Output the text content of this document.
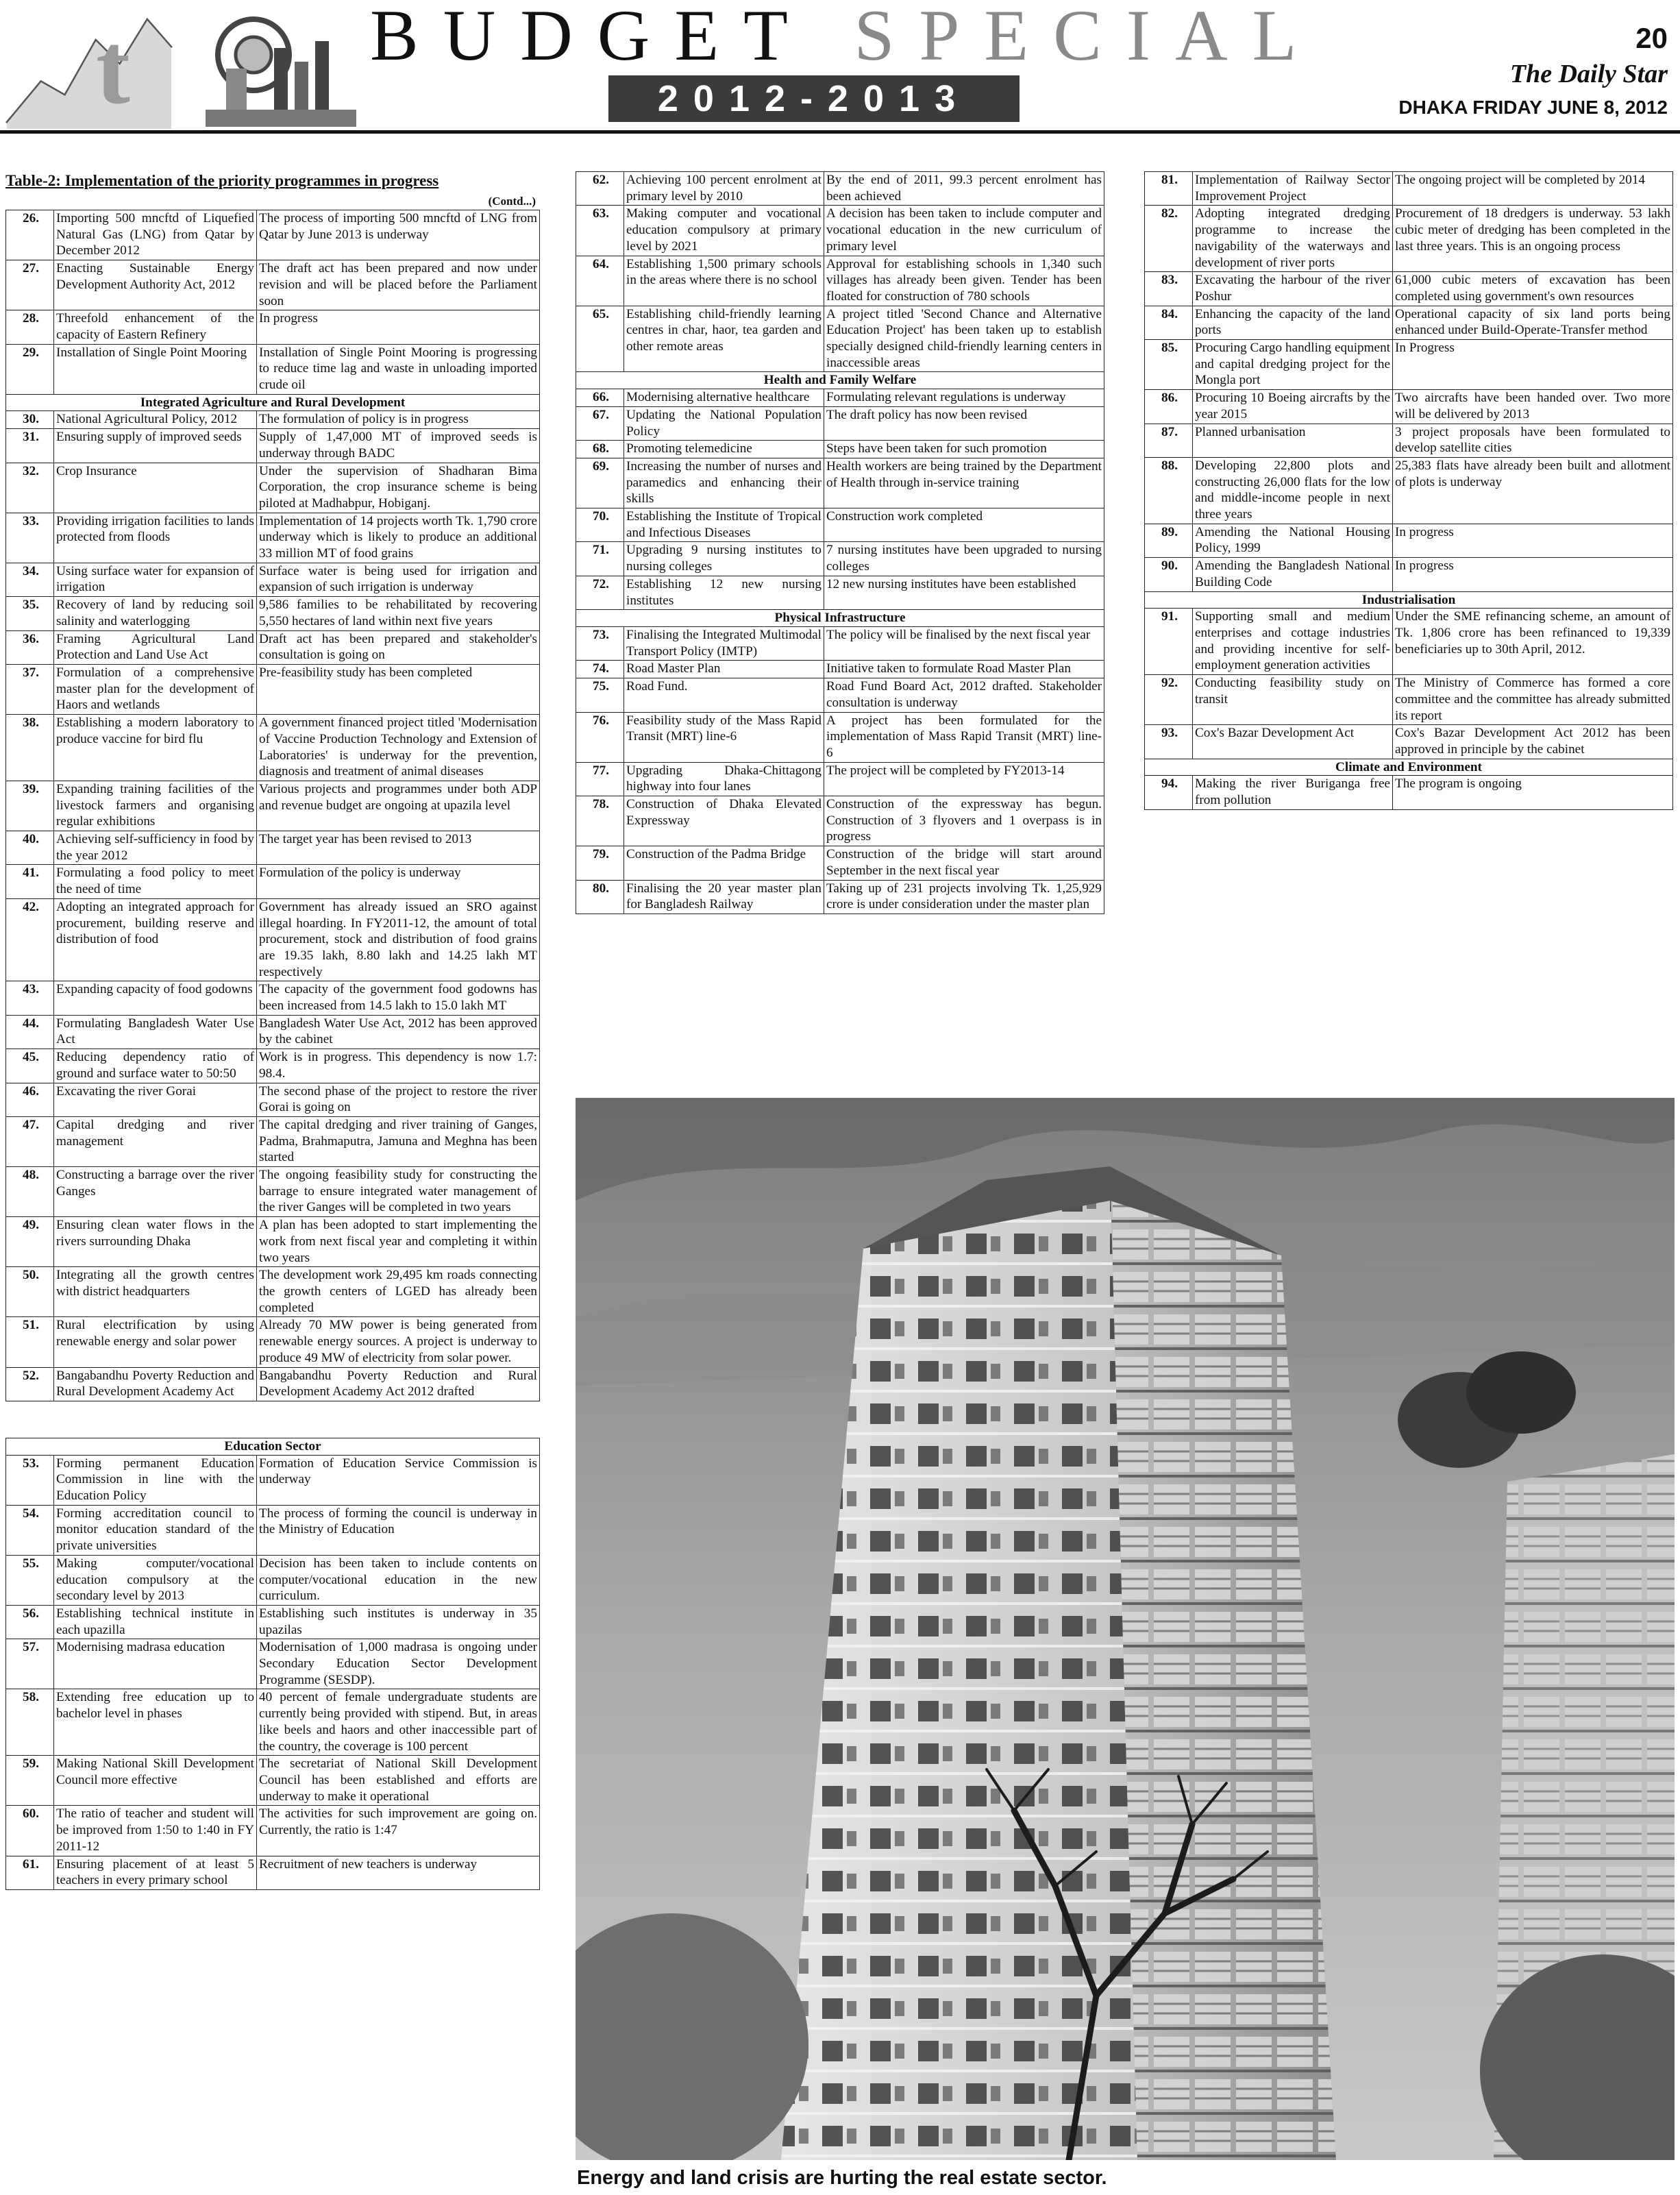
t	BUDGET SPECIAL
2012-2013
20
The Daily Star
DHAKA FRIDAY JUNE 8, 2012
Table-2: Implementation of the priority programmes in progress
(Contd...)
26.	Importing 500 mncftd of Liquefied Natural Gas (LNG) from Qatar by December 2012	The process of importing 500 mncftd of LNG from Qatar by June 2013 is underway
27.	Enacting Sustainable Energy Development Authority Act, 2012	The draft act has been prepared and now under revision and will be placed before the Parliament soon
28.	Threefold enhancement of the capacity of Eastern Refinery	In progress
29.	Installation of Single Point Mooring	Installation of Single Point Mooring is progressing to reduce time lag and waste in unloading imported crude oil
Integrated Agriculture and Rural Development		
30.	National Agricultural Policy, 2012	The formulation of policy is in progress
31.	Ensuring supply of improved seeds	Supply of 1,47,000 MT of improved seeds is underway through BADC
32.	Crop Insurance	Under the supervision of Shadharan Bima Corporation, the crop insurance scheme is being piloted at Madhabpur, Hobiganj.
33.	Providing irrigation facilities to lands protected from floods	Implementation of 14 projects worth Tk. 1,790 crore underway which is likely to produce an additional 33 million MT of food grains
34.	Using surface water for expansion of irrigation	Surface water is being used for irrigation and expansion of such irrigation is underway
35.	Recovery of land by reducing soil salinity and waterlogging	9,586 families to be rehabilitated by recovering 5,550 hectares of land within next five years
36.	Framing Agricultural Land Protection and Land Use Act	Draft act has been prepared and stakeholder's consultation is going on
37.	Formulation of a comprehensive master plan for the development of Haors and wetlands	Pre-feasibility study has been completed
38.	Establishing a modern laboratory to produce vaccine for bird flu	A government financed project titled 'Modernisation of Vaccine Production Technology and Extension of Laboratories' is underway for the prevention, diagnosis and treatment of animal diseases
39.	Expanding training facilities of the livestock farmers and organising regular exhibitions	Various projects and programmes under both ADP and revenue budget are ongoing at upazila level
40.	Achieving self-sufficiency in food by the year 2012	The target year has been revised to 2013
41.	Formulating a food policy to meet the need of time	Formulation of the policy is underway
42.	Adopting an integrated approach for procurement, building reserve and distribution of food	Government has already issued an SRO against illegal hoarding. In FY2011-12, the amount of total procurement, stock and distribution of food grains are 19.35 lakh, 8.80 lakh and 14.25 lakh MT respectively
43.	Expanding capacity of food godowns	The capacity of the government food godowns has been increased from 14.5 lakh to 15.0 lakh MT
44.	Formulating Bangladesh Water Use Act	Bangladesh Water Use Act, 2012 has been approved by the cabinet
45.	Reducing dependency ratio of ground and surface water to 50:50	Work is in progress. This dependency is now 1.7: 98.4.
46.	Excavating the river Gorai	The second phase of the project to restore the river Gorai is going on
47.	Capital dredging and river management	The capital dredging and river training of Ganges, Padma, Brahmaputra, Jamuna and Meghna has been started
48.	Constructing a barrage over the river Ganges	The ongoing feasibility study for constructing the barrage to ensure integrated water management of the river Ganges will be completed in two years
49.	Ensuring clean water flows in the rivers surrounding Dhaka	A plan has been adopted to start implementing the work from next fiscal year and completing it within two years
50.	Integrating all the growth centres with district headquarters	The development work 29,495 km roads connecting the growth centers of LGED has already been completed
51.	Rural electrification by using renewable energy and solar power	Already 70 MW power is being generated from renewable energy sources. A project is underway to produce 49 MW of electricity from solar power.
52.	Bangabandhu Poverty Reduction and Rural Development Academy Act	Bangabandhu Poverty Reduction and Rural Development Academy Act 2012 drafted

Education Sector		
53.	Forming permanent Education Commission in line with the Education Policy	Formation of Education Service Commission is underway
54.	Forming accreditation council to monitor education standard of the private universities	The process of forming the council is underway in the Ministry of Education
55.	Making computer/vocational education compulsory at the secondary level by 2013	Decision has been taken to include contents on computer/vocational education in the new curriculum.
56.	Establishing technical institute in each upazilla	Establishing such institutes is underway in 35 upazilas
57.	Modernising madrasa education	Modernisation of 1,000 madrasa is ongoing under Secondary Education Sector Development Programme (SESDP).
58.	Extending free education up to bachelor level in phases	40 percent of female undergraduate students are currently being provided with stipend. But, in areas like beels and haors and other inaccessible part of the country, the coverage is 100 percent
59.	Making National Skill Development Council more effective	The secretariat of National Skill Development Council has been established and efforts are underway to make it operational
60.	The ratio of teacher and student will be improved from 1:50 to 1:40 in FY 2011-12	The activities for such improvement are going on. Currently, the ratio is 1:47
61.	Ensuring placement of at least 5 teachers in every primary school	Recruitment of new teachers is underway
62.	Achieving 100 percent enrolment at primary level by 2010	By the end of 2011, 99.3 percent enrolment has been achieved
63.	Making computer and vocational education compulsory at primary level by 2021	A decision has been taken to include computer and vocational education in the new curriculum of primary level
64.	Establishing 1,500 primary schools in the areas where there is no school	Approval for establishing schools in 1,340 such villages has already been given. Tender has been floated for construction of 780 schools
65.	Establishing child-friendly learning centres in char, haor, tea garden and other remote areas	A project titled 'Second Chance and Alternative Education Project' has been taken up to establish specially designed child-friendly learning centers in inaccessible areas
Health and Family Welfare		
66.	Modernising alternative healthcare	Formulating relevant regulations is underway
67.	Updating the National Population Policy	The draft policy has now been revised
68.	Promoting telemedicine	Steps have been taken for such promotion
69.	Increasing the number of nurses and paramedics and enhancing their skills	Health workers are being trained by the Department of Health through in-service training
70.	Establishing the Institute of Tropical and Infectious Diseases	Construction work completed
71.	Upgrading 9 nursing institutes to nursing colleges	7 nursing institutes have been upgraded to nursing colleges
72.	Establishing 12 new nursing institutes	12 new nursing institutes have been established
Physical Infrastructure		
73.	Finalising the Integrated Multimodal Transport Policy (IMTP)	The policy will be finalised by the next fiscal year
74.	Road Master Plan	Initiative taken to formulate Road Master Plan
75.	Road Fund.	Road Fund Board Act, 2012 drafted. Stakeholder consultation is underway
76.	Feasibility study of the Mass Rapid Transit (MRT) line-6	A project has been formulated for the implementation of Mass Rapid Transit (MRT) line-6
77.	Upgrading Dhaka-Chittagong highway into four lanes	The project will be completed by FY2013-14
78.	Construction of Dhaka Elevated Expressway	Construction of the expressway has begun. Construction of 3 flyovers and 1 overpass is in progress
79.	Construction of the Padma Bridge	Construction of the bridge will start around September in the next fiscal year
80.	Finalising the 20 year master plan for Bangladesh Railway	Taking up of 231 projects involving Tk. 1,25,929 crore is under consideration under the master plan
81.	Implementation of Railway Sector Improvement Project	The ongoing project will be completed by 2014
82.	Adopting integrated dredging programme to increase the navigability of the waterways and development of river ports	Procurement of 18 dredgers is underway. 53 lakh cubic meter of dredging has been completed in the last three years. This is an ongoing process
83.	Excavating the harbour of the river Poshur	61,000 cubic meters of excavation has been completed using government's own resources
84.	Enhancing the capacity of the land ports	Operational capacity of six land ports being enhanced under Build-Operate-Transfer method
85.	Procuring Cargo handling equipment and capital dredging project for the Mongla port	In Progress
86.	Procuring 10 Boeing aircrafts by the year 2015	Two aircrafts have been handed over. Two more will be delivered by 2013
87.	Planned urbanisation	3 project proposals have been formulated to develop satellite cities
88.	Developing 22,800 plots and constructing 26,000 flats for the low and middle-income people in next three years	25,383 flats have already been built and allotment of plots is underway
89.	Amending the National Housing Policy, 1999	In progress
90.	Amending the Bangladesh National Building Code	In progress
Industrialisation		
91.	Supporting small and medium enterprises and cottage industries and providing incentive for self-employment generation activities	Under the SME refinancing scheme, an amount of Tk. 1,806 crore has been refinanced to 19,339 beneficiaries up to 30th April, 2012.
92.	Conducting feasibility study on transit	The Ministry of Commerce has formed a core committee and the committee has already submitted its report
93.	Cox's Bazar Development Act	Cox's Bazar Development Act 2012 has been approved in principle by the cabinet
Climate and Environment		
94.	Making the river Buriganga free from pollution	The program is ongoing
Energy and land crisis are hurting the real estate sector.
